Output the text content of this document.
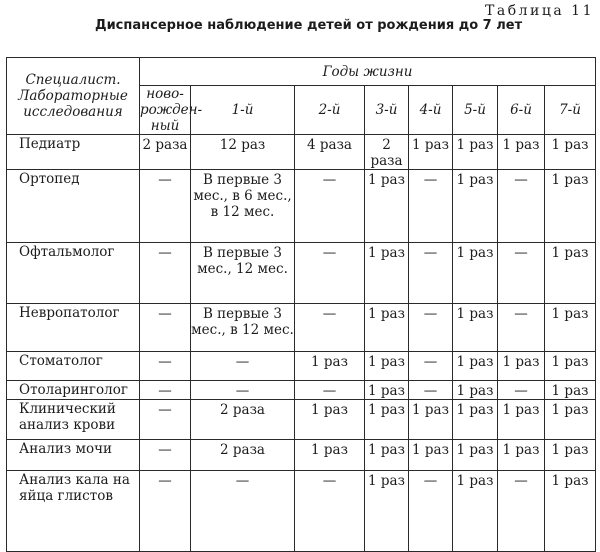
Таблица 11
Диспансерное наблюдение детей от рождения до 7 лет
Специалист. Лабораторные исследования	Годы жизни							
	ново-рожден-ный	1-й	2-й	3-й	4-й	5-й	6-й	7-й
Педиатр	2 раза	12 раз	4 раза	2 раза	1 раз	1 раз	1 раз	1 раз
Ортопед	—	В первые 3 мес., в 6 мес., в 12 мес.	—	1 раз	—	1 раз	—	1 раз
Офтальмолог	—	В первые 3 мес., 12 мес.	—	1 раз	—	1 раз	—	1 раз
Невропатолог	—	В первые 3 мес., в 12 мес.	—	1 раз	—	1 раз	—	1 раз
Стоматолог	—	—	1 раз	1 раз	—	1 раз	1 раз	1 раз
Отоларинголог	—	—	—	1 раз	—	1 раз	—	1 раз
Клинический анализ крови	—	2 раза	1 раз	1 раз	1 раз	1 раз	1 раз	1 раз
Анализ мочи	—	2 раза	1 раз	1 раз	1 раз	1 раз	1 раз	1 раз
Анализ кала на яйца глистов	—	—	—	1 раз	—	1 раз	—	1 раз
